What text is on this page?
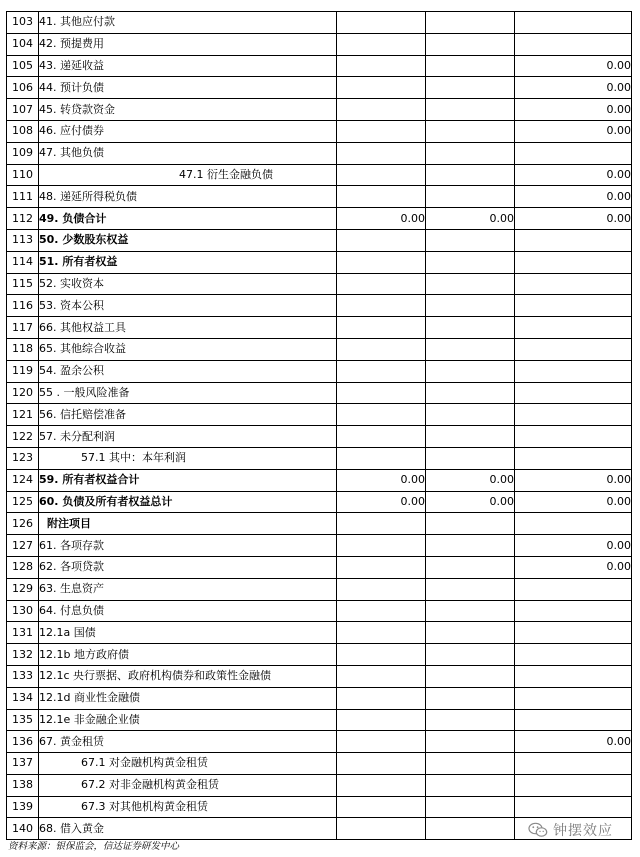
103	41. 其他应付款			
104	42. 预提费用			
105	43. 递延收益			0.00
106	44. 预计负债			0.00
107	45. 转贷款资金			0.00
108	46. 应付债券			0.00
109	47. 其他负债			
110	47.1 衍生金融负债			0.00
111	48. 递延所得税负债			0.00
112	49. 负债合计	0.00	0.00	0.00
113	50. 少数股东权益			
114	51. 所有者权益			
115	52. 实收资本			
116	53. 资本公积			
117	66. 其他权益工具			
118	65. 其他综合收益			
119	54. 盈余公积			
120	55 . 一般风险准备			
121	56. 信托赔偿准备			
122	57. 未分配利润			
123	57.1 其中：本年利润			
124	59. 所有者权益合计	0.00	0.00	0.00
125	60. 负债及所有者权益总计	0.00	0.00	0.00
126	附注项目			
127	61. 各项存款			0.00
128	62. 各项贷款			0.00
129	63. 生息资产			
130	64. 付息负债			
131	12.1a 国债			
132	12.1b 地方政府债			
133	12.1c 央行票据、政府机构债券和政策性金融债			
134	12.1d 商业性金融债			
135	12.1e 非金融企业债			
136	67. 黄金租赁			0.00
137	67.1 对金融机构黄金租赁			
138	67.2 对非金融机构黄金租赁			
139	67.3 对其他机构黄金租赁			
140	68. 借入黄金			
资料来源：银保监会，信达证券研发中心
钟摆效应
